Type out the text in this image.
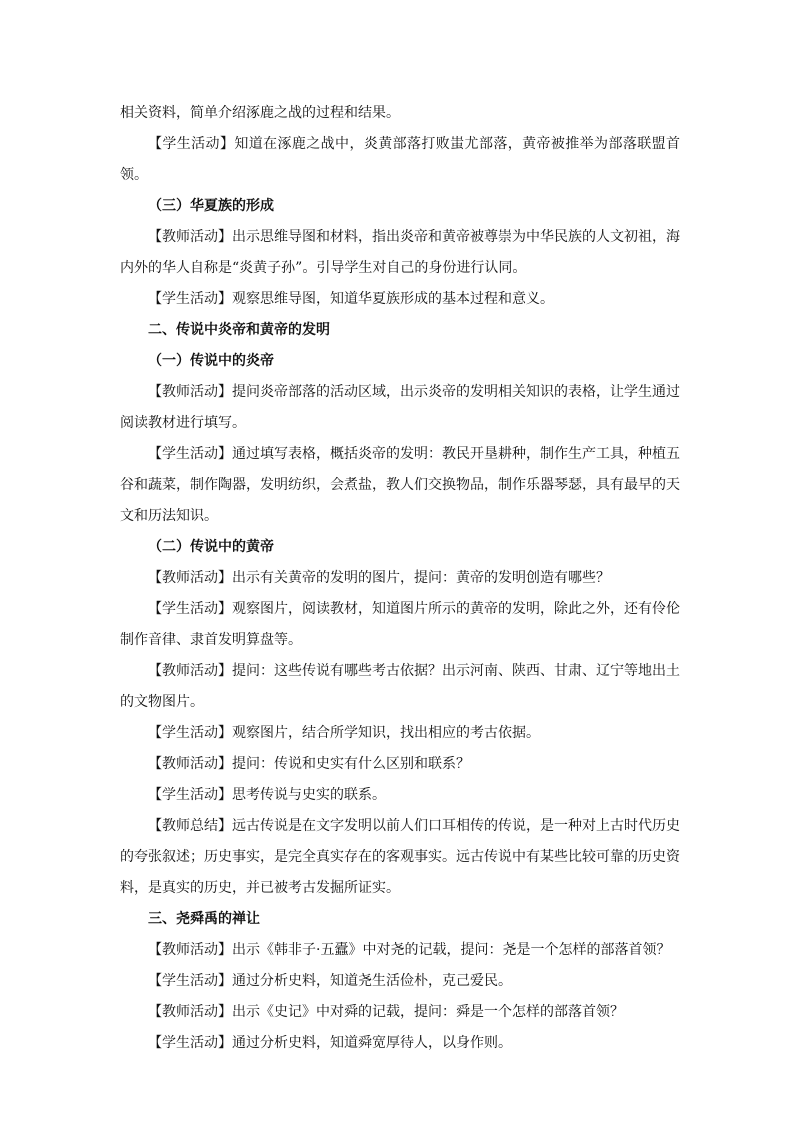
相关资料，简单介绍涿鹿之战的过程和结果。

【学生活动】知道在涿鹿之战中，炎黄部落打败蚩尤部落，黄帝被推举为部落联盟首领。

（三）华夏族的形成

【教师活动】出示思维导图和材料，指出炎帝和黄帝被尊崇为中华民族的人文初祖，海内外的华人自称是“炎黄子孙”。引导学生对自己的身份进行认同。

【学生活动】观察思维导图，知道华夏族形成的基本过程和意义。

二、传说中炎帝和黄帝的发明

（一）传说中的炎帝

【教师活动】提问炎帝部落的活动区域，出示炎帝的发明相关知识的表格，让学生通过阅读教材进行填写。

【学生活动】通过填写表格，概括炎帝的发明：教民开垦耕种，制作生产工具，种植五谷和蔬菜，制作陶器，发明纺织，会煮盐，教人们交换物品，制作乐器琴瑟，具有最早的天文和历法知识。

（二）传说中的黄帝

【教师活动】出示有关黄帝的发明的图片，提问：黄帝的发明创造有哪些？

【学生活动】观察图片，阅读教材，知道图片所示的黄帝的发明，除此之外，还有伶伦制作音律、隶首发明算盘等。

【教师活动】提问：这些传说有哪些考古依据？出示河南、陕西、甘肃、辽宁等地出土的文物图片。

【学生活动】观察图片，结合所学知识，找出相应的考古依据。

【教师活动】提问：传说和史实有什么区别和联系？

【学生活动】思考传说与史实的联系。

【教师总结】远古传说是在文字发明以前人们口耳相传的传说，是一种对上古时代历史的夸张叙述；历史事实，是完全真实存在的客观事实。远古传说中有某些比较可靠的历史资料，是真实的历史，并已被考古发掘所证实。

三、尧舜禹的禅让

【教师活动】出示《韩非子·五蠹》中对尧的记载，提问：尧是一个怎样的部落首领？

【学生活动】通过分析史料，知道尧生活俭朴，克己爱民。

【教师活动】出示《史记》中对舜的记载，提问：舜是一个怎样的部落首领？

【学生活动】通过分析史料，知道舜宽厚待人，以身作则。
